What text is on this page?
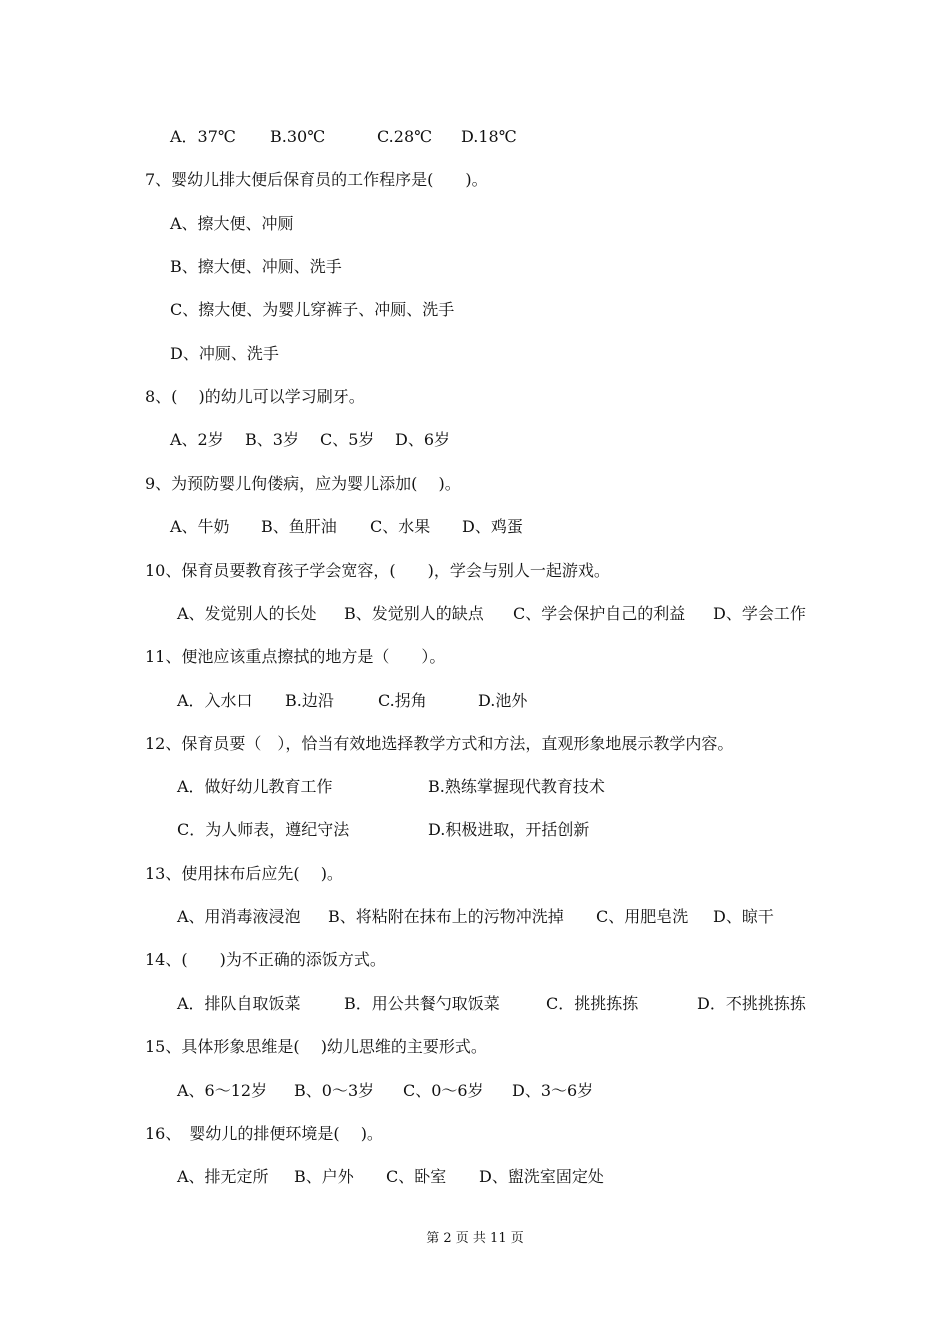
A．37℃ B.30℃	C.28℃ D.18℃
7、婴幼儿排大便后保育员的工作程序是(　　)。
A、擦大便、冲厕
B、擦大便、冲厕、洗手
C、擦大便、为婴儿穿裤子、冲厕、洗手
D、冲厕、洗手
8、(　 )的幼儿可以学习刷牙。
A、2岁 B、3岁 C、5岁 D、6岁
9、为预防婴儿佝偻病，应为婴儿添加(　 )。
A、牛奶 B、鱼肝油 C、水果 D、鸡蛋
10、保育员要教育孩子学会宽容，(　　)，学会与别人一起游戏。
A、发觉别人的长处 B、发觉别人的缺点 C、学会保护自己的利益 D、学会工作
11、便池应该重点擦拭的地方是（　　）。
A．入水口 B.边沿	C.拐角	D.池外
12、保育员要（　），恰当有效地选择教学方式和方法，直观形象地展示教学内容。
A．做好幼儿教育工作	B.熟练掌握现代教育技术
C．为人师表，遵纪守法	D.积极进取，开括创新
13、使用抹布后应先(　 )。
A、用消毒液浸泡 B、将粘附在抹布上的污物冲洗掉 C、用肥皂洗 D、晾干
14、(　　)为不正确的添饭方式。
A．排队自取饭菜	B．用公共餐勺取饭菜	C．挑挑拣拣	D．不挑挑拣拣
15、具体形象思维是(　 )幼儿思维的主要形式。
A、6～12岁 B、0～3岁 C、0～6岁 D、3～6岁
16、　婴幼儿的排便环境是(　 )。
A、排无定所 B、户外 C、卧室 D、盥洗室固定处
第 2 页 共 11 页
